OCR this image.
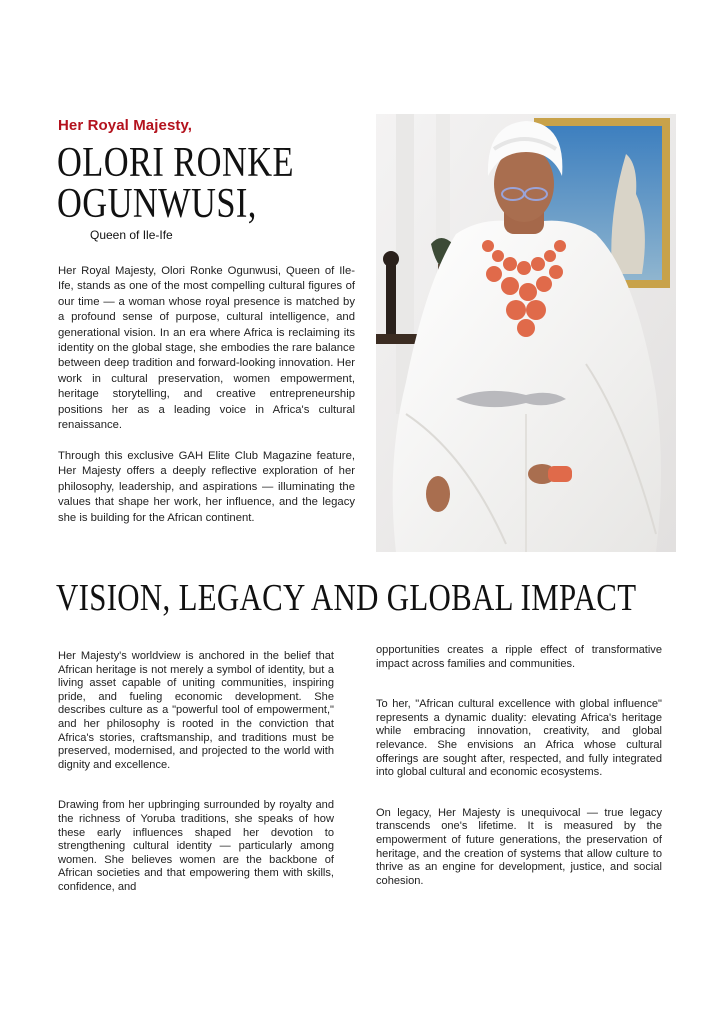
Her Royal Majesty,
OLORI RONKE
OGUNWUSI,
Queen of Ile-Ife

Her Royal Majesty, Olori Ronke Ogunwusi, Queen of Ile-Ife, stands as one of the most compelling cultural figures of our time — a woman whose royal presence is matched by a profound sense of purpose, cultural intelligence, and generational vision. In an era where Africa is reclaiming its identity on the global stage, she embodies the rare balance between deep tradition and forward-looking innovation. Her work in cultural preservation, women empowerment, heritage storytelling, and creative entrepreneurship positions her as a leading voice in Africa's cultural renaissance.

Through this exclusive GAH Elite Club Magazine feature, Her Majesty offers a deeply reflective exploration of her philosophy, leadership, and aspirations — illuminating the values that shape her work, her influence, and the legacy she is building for the African continent.

VISION, LEGACY AND GLOBAL IMPACT

Her Majesty's worldview is anchored in the belief that African heritage is not merely a symbol of identity, but a living asset capable of uniting communities, inspiring pride, and fueling economic development. She describes culture as a "powerful tool of empowerment," and her philosophy is rooted in the conviction that Africa's stories, craftsmanship, and traditions must be preserved, modernised, and projected to the world with dignity and excellence.

Drawing from her upbringing surrounded by royalty and the richness of Yoruba traditions, she speaks of how these early influences shaped her devotion to strengthening cultural identity — particularly among women. She believes women are the backbone of African societies and that empowering them with skills, confidence, and

opportunities creates a ripple effect of transformative impact across families and communities.

To her, "African cultural excellence with global influence" represents a dynamic duality: elevating Africa's heritage while embracing innovation, creativity, and global relevance. She envisions an Africa whose cultural offerings are sought after, respected, and fully integrated into global cultural and economic ecosystems.

On legacy, Her Majesty is unequivocal — true legacy transcends one's lifetime. It is measured by the empowerment of future generations, the preservation of heritage, and the creation of systems that allow culture to thrive as an engine for development, justice, and social cohesion.
